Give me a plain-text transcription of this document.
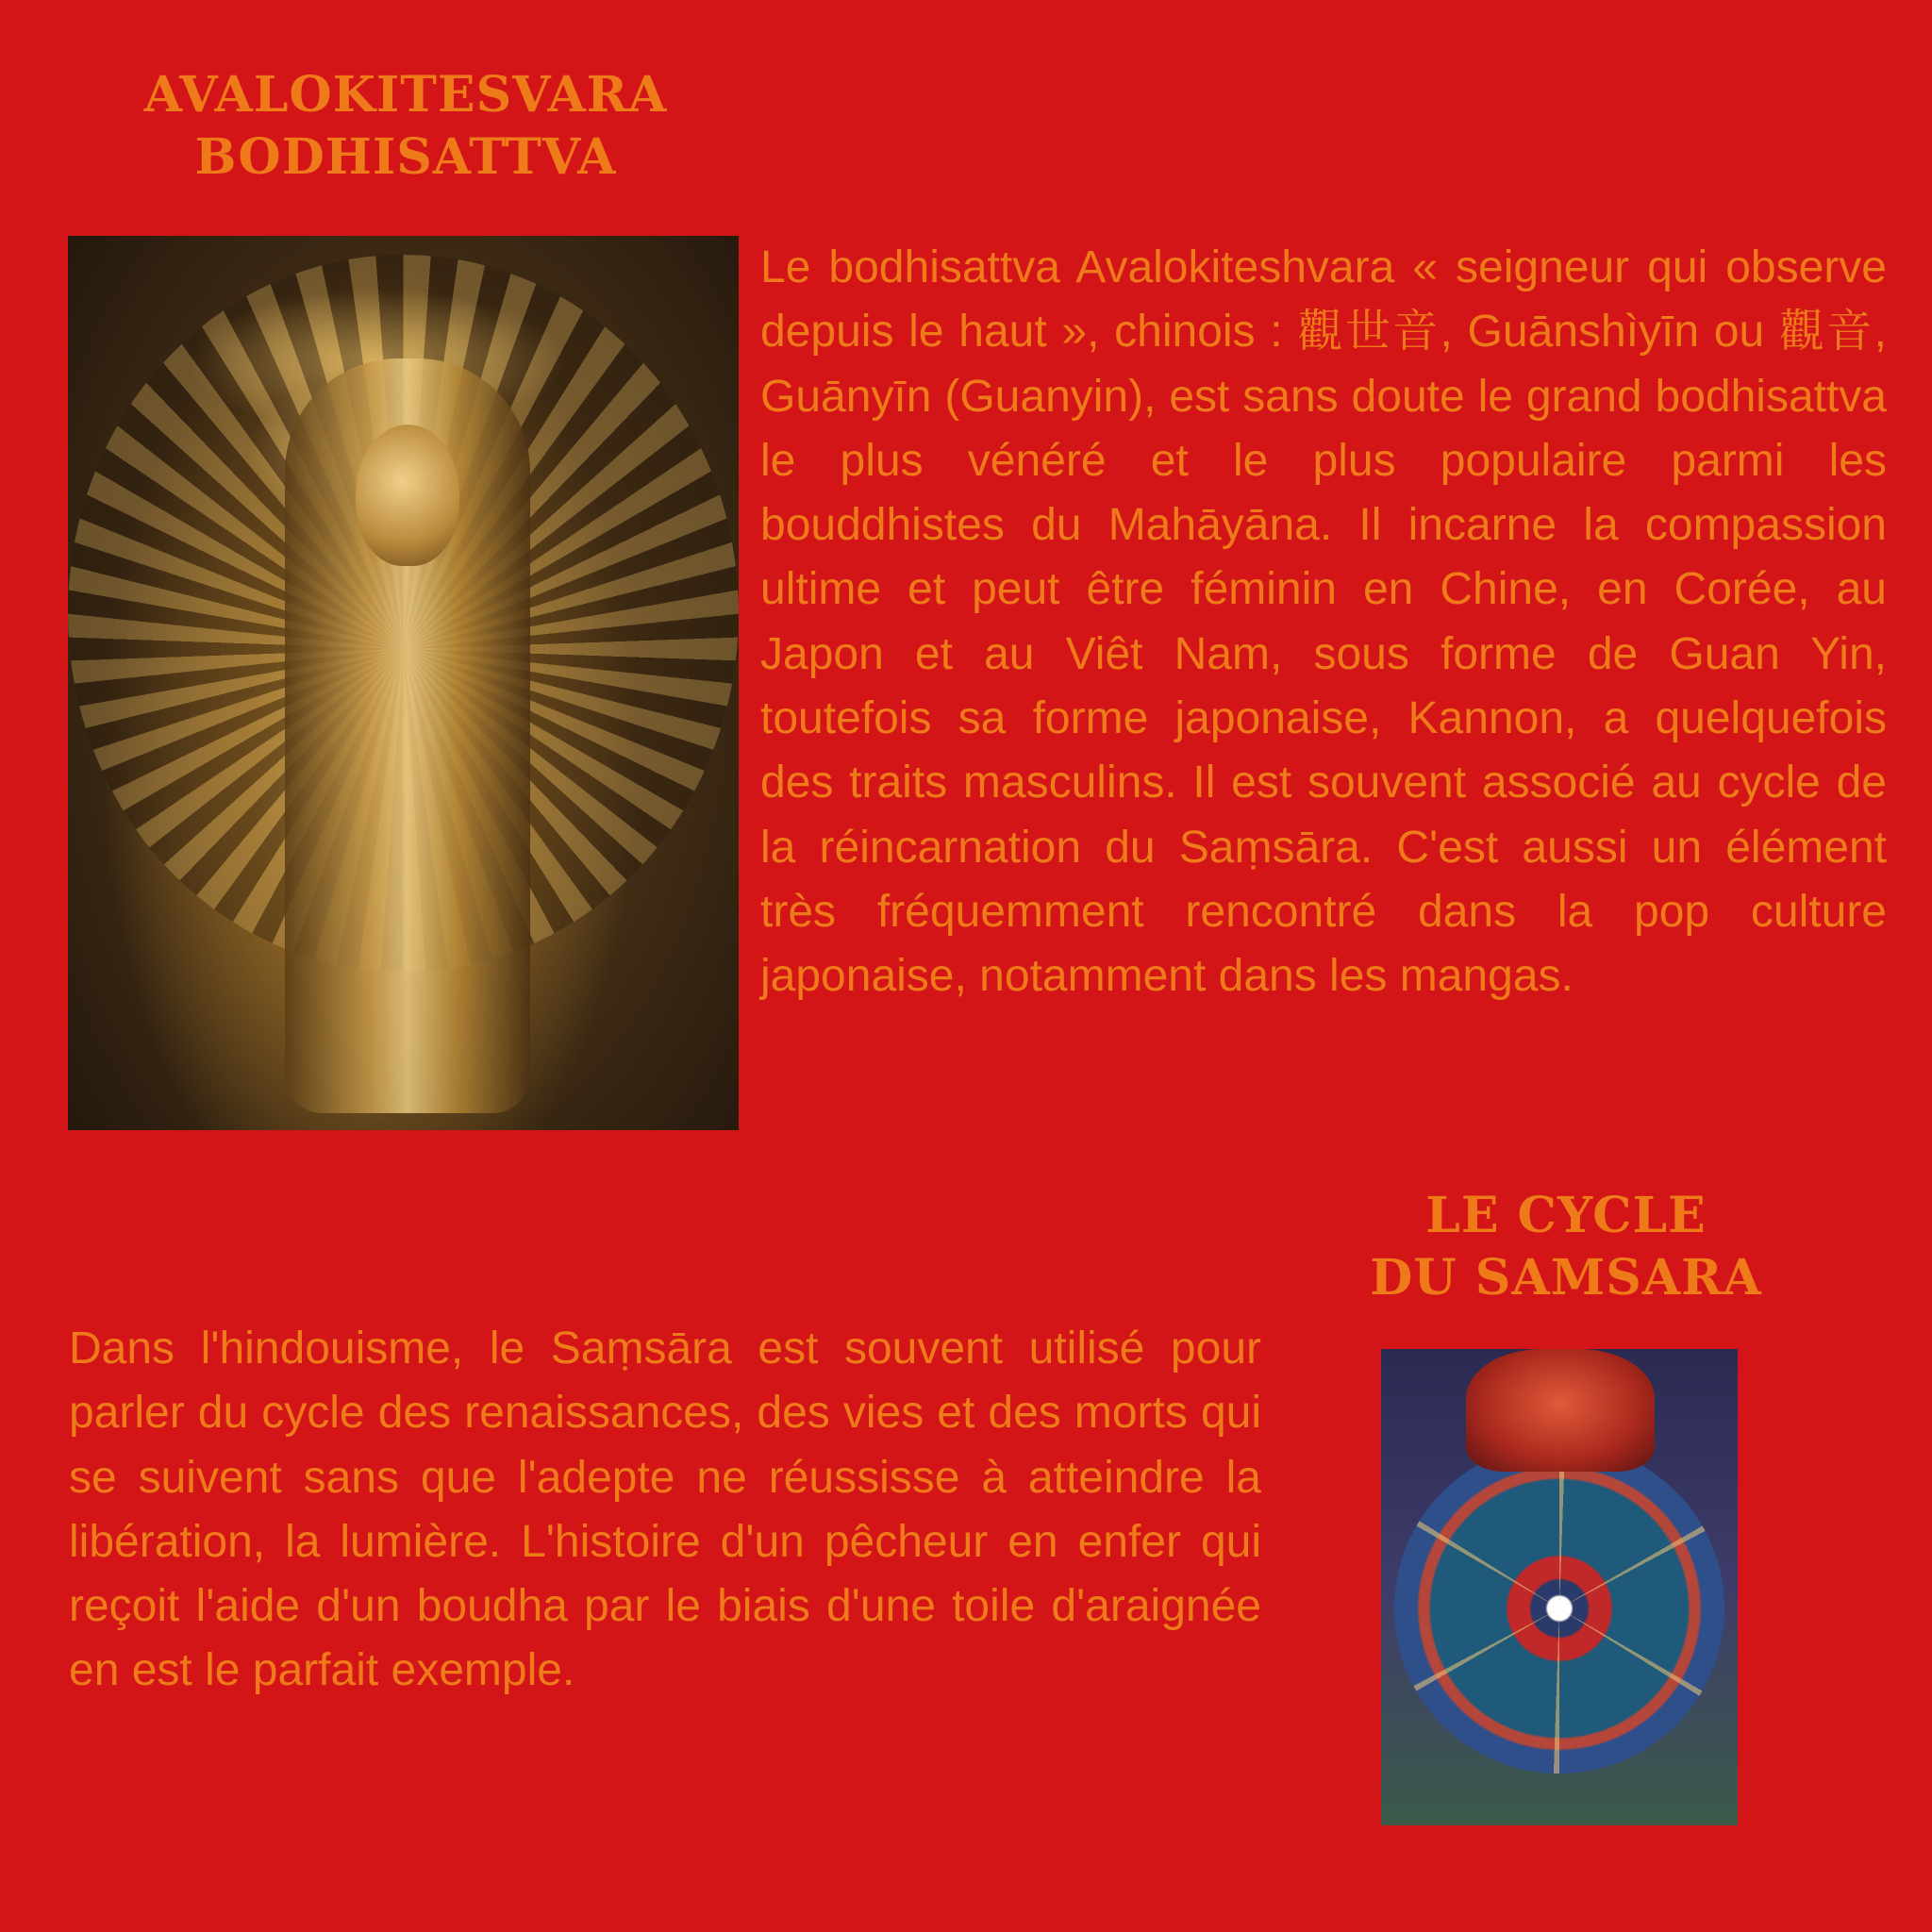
AVALOKITESVARA
BODHISATTVA

Le bodhisattva Avalokiteshvara « seigneur qui observe depuis le haut », chinois : 觀世音, Guānshìyīn ou 觀音, Guānyīn (Guanyin), est sans doute le grand bodhisattva le plus vénéré et le plus populaire parmi les bouddhistes du Mahāyāna. Il incarne la compassion ultime et peut être féminin en Chine, en Corée, au Japon et au Viêt Nam, sous forme de Guan Yin, toutefois sa forme japonaise, Kannon, a quelquefois des traits masculins. Il est souvent associé au cycle de la réincarnation du Saṃsāra. C'est aussi un élément très fréquemment rencontré dans la pop culture japonaise, notamment dans les mangas.

LE CYCLE
DU SAMSARA

Dans l'hindouisme, le Saṃsāra est souvent utilisé pour parler du cycle des renaissances, des vies et des morts qui se suivent sans que l'adepte ne réussisse à atteindre la libération, la lumière. L'histoire d'un pêcheur en enfer qui reçoit l'aide d'un boudha par le biais d'une toile d'araignée en est le parfait exemple.
